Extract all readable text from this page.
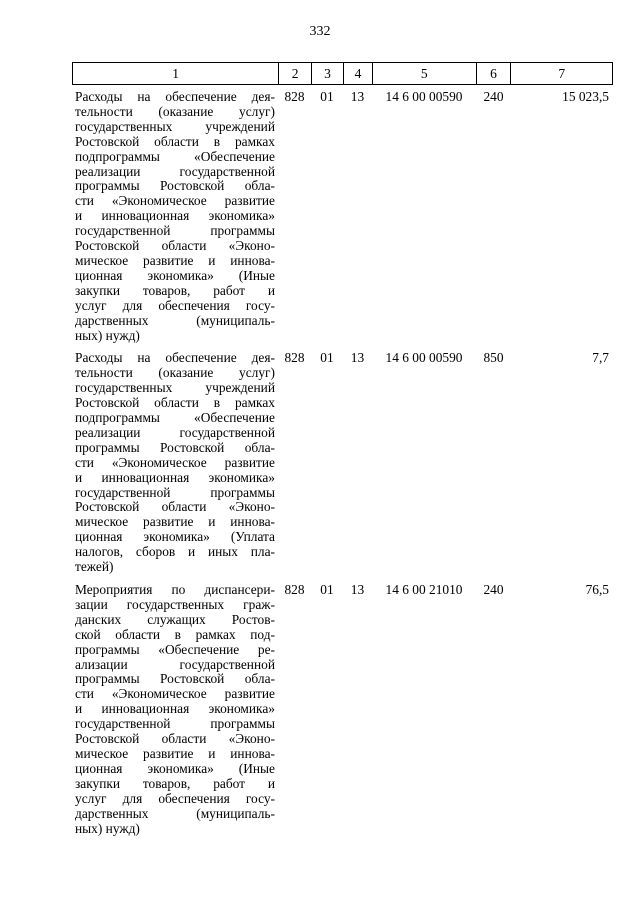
332
1	2	3	4	5	6	7
Расходы на обеспечение дея-
тельности (оказание услуг)
государственных учреждений
Ростовской области в рамках
подпрограммы «Обеспечение
реализации государственной
программы Ростовской обла-
сти «Экономическое развитие
и инновационная экономика»
государственной программы
Ростовской области «Эконо-
мическое развитие и иннова-
ционная экономика» (Иные
закупки товаров, работ и
услуг для обеспечения госу-
дарственных (муниципаль-
ных) нужд)
828	01	13	14 6 00 00590	240	15 023,5
Расходы на обеспечение дея-
тельности (оказание услуг)
государственных учреждений
Ростовской области в рамках
подпрограммы «Обеспечение
реализации государственной
программы Ростовской обла-
сти «Экономическое развитие
и инновационная экономика»
государственной программы
Ростовской области «Эконо-
мическое развитие и иннова-
ционная экономика» (Уплата
налогов, сборов и иных пла-
тежей)
828	01	13	14 6 00 00590	850	7,7
Мероприятия по диспансери-
зации государственных граж-
данских служащих Ростов-
ской области в рамках под-
программы «Обеспечение ре-
ализации государственной
программы Ростовской обла-
сти «Экономическое развитие
и инновационная экономика»
государственной программы
Ростовской области «Эконо-
мическое развитие и иннова-
ционная экономика» (Иные
закупки товаров, работ и
услуг для обеспечения госу-
дарственных (муниципаль-
ных) нужд)
828	01	13	14 6 00 21010	240	76,5
